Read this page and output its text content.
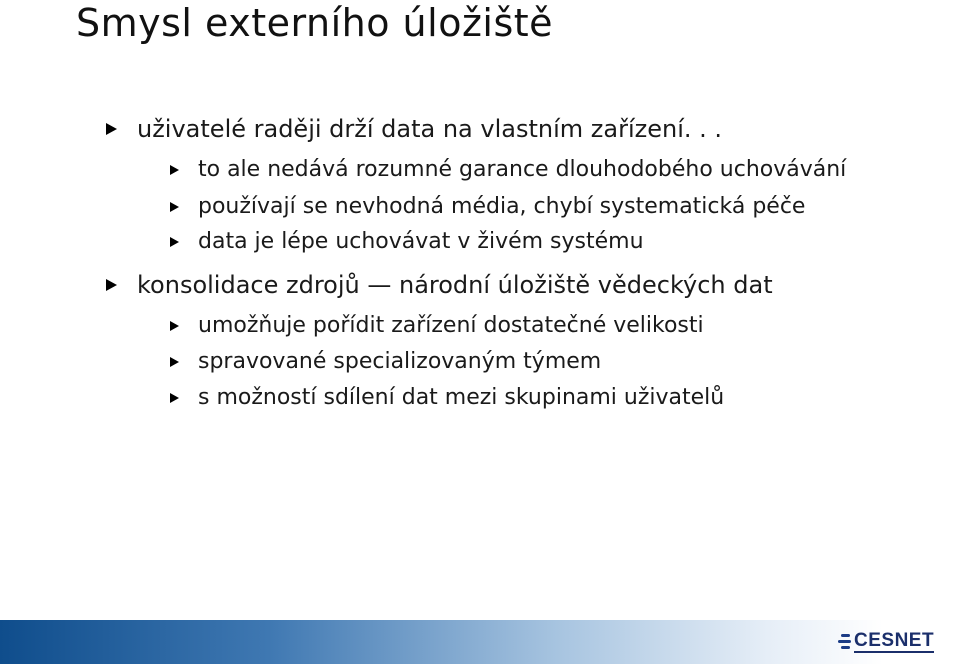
Smysl externího úložiště
uživatelé raději drží data na vlastním zařízení. . .
to ale nedává rozumné garance dlouhodobého uchovávání
používají se nevhodná média, chybí systematická péče
data je lépe uchovávat v živém systému
konsolidace zdrojů — národní úložiště vědeckých dat
umožňuje pořídit zařízení dostatečné velikosti
spravované specializovaným týmem
s možností sdílení dat mezi skupinami uživatelů
CESNET
